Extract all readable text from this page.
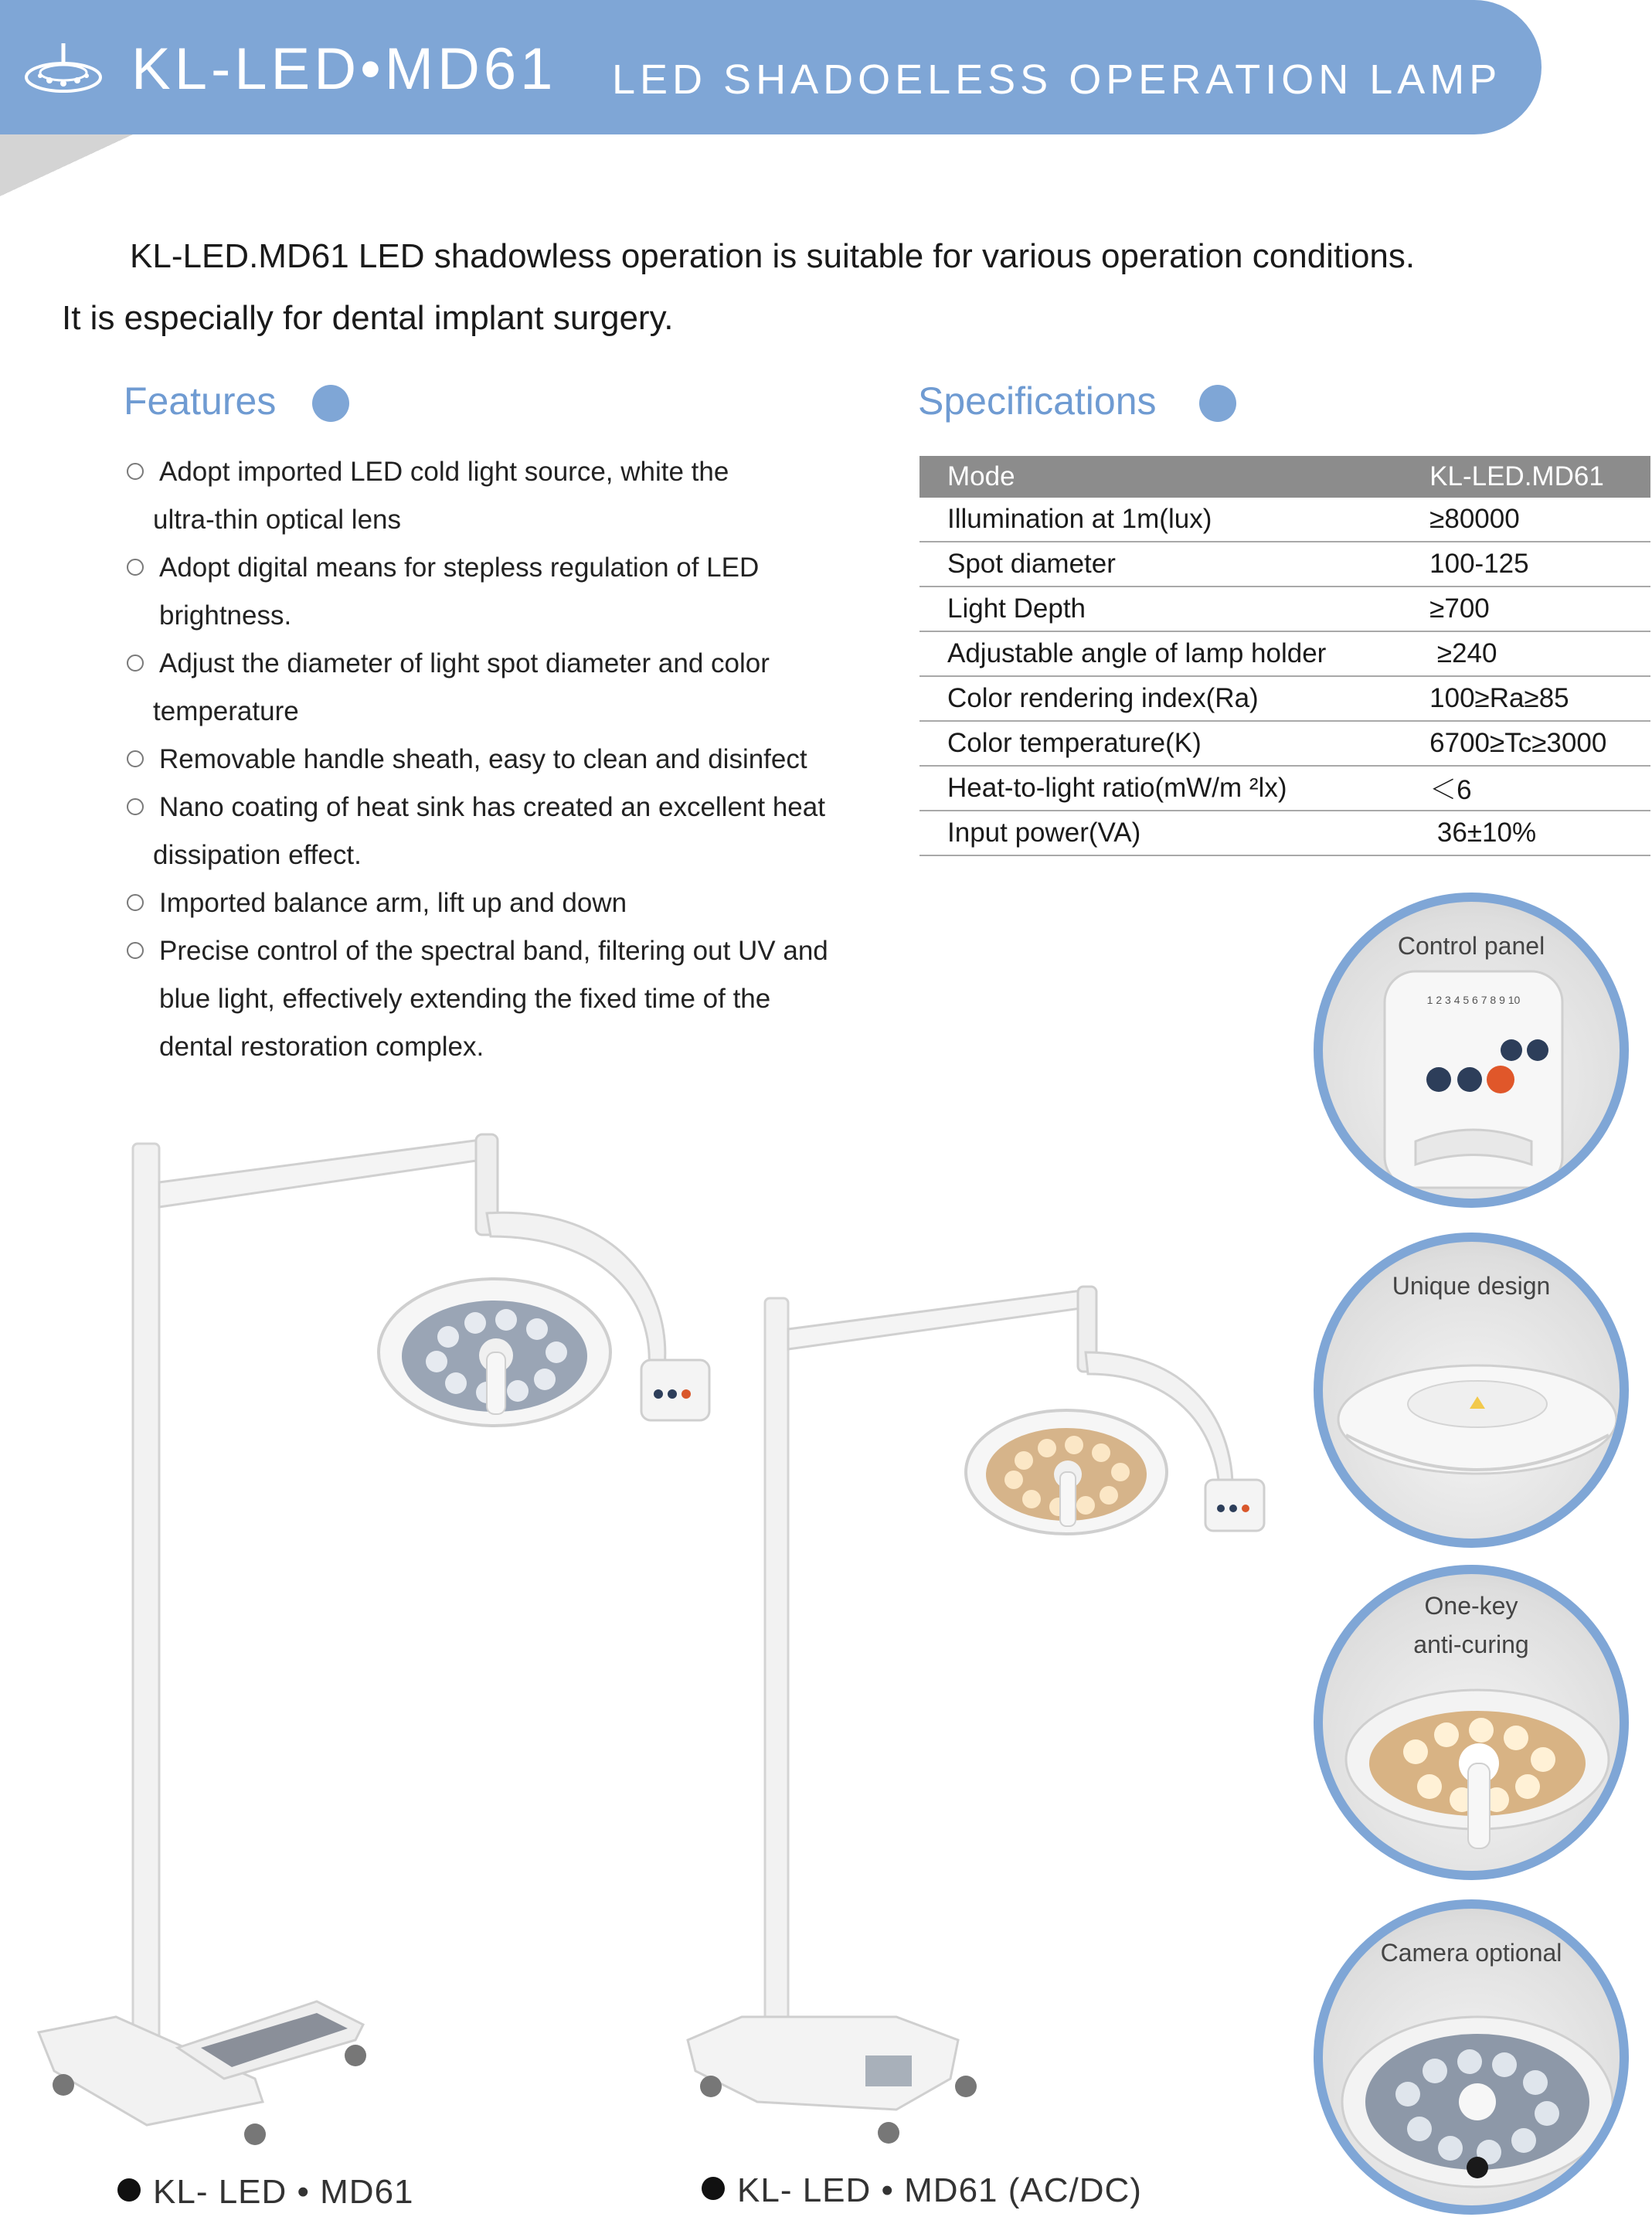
KL-LED•MD61 LED SHADOELESS OPERATION LAMP
KL-LED.MD61 LED shadowless operation is suitable for various operation conditions.
It is especially for dental implant surgery.
Features	Specifications
Adopt imported LED cold light source, white the
ultra-thin optical lens
Adopt digital means for stepless regulation of LED
brightness.
Adjust the diameter of light spot diameter and color
temperature
Removable handle sheath, easy to clean and disinfect
Nano coating of heat sink has created an excellent heat
dissipation effect.
Imported balance arm, lift up and down
Precise control of the spectral band, filtering out UV and
blue light, effectively extending the fixed time of the
dental restoration complex.
Mode	KL-LED.MD61
Illumination at 1m(lux)	≥80000
Spot diameter	100-125
Light Depth	≥700
Adjustable angle of lamp holder	≥240
Color rendering index(Ra)	100≥Ra≥85
Color temperature(K)	6700≥Tc≥3000
Heat-to-light ratio(mW/m ²lx)	＜6
Input power(VA)	36±10%
Control panel
1 2 3 4 5 6 7 8 9 10
Unique design
One-key
anti-curing
Camera optional
KL- LED • MD61	KL- LED • MD61 (AC/DC)
